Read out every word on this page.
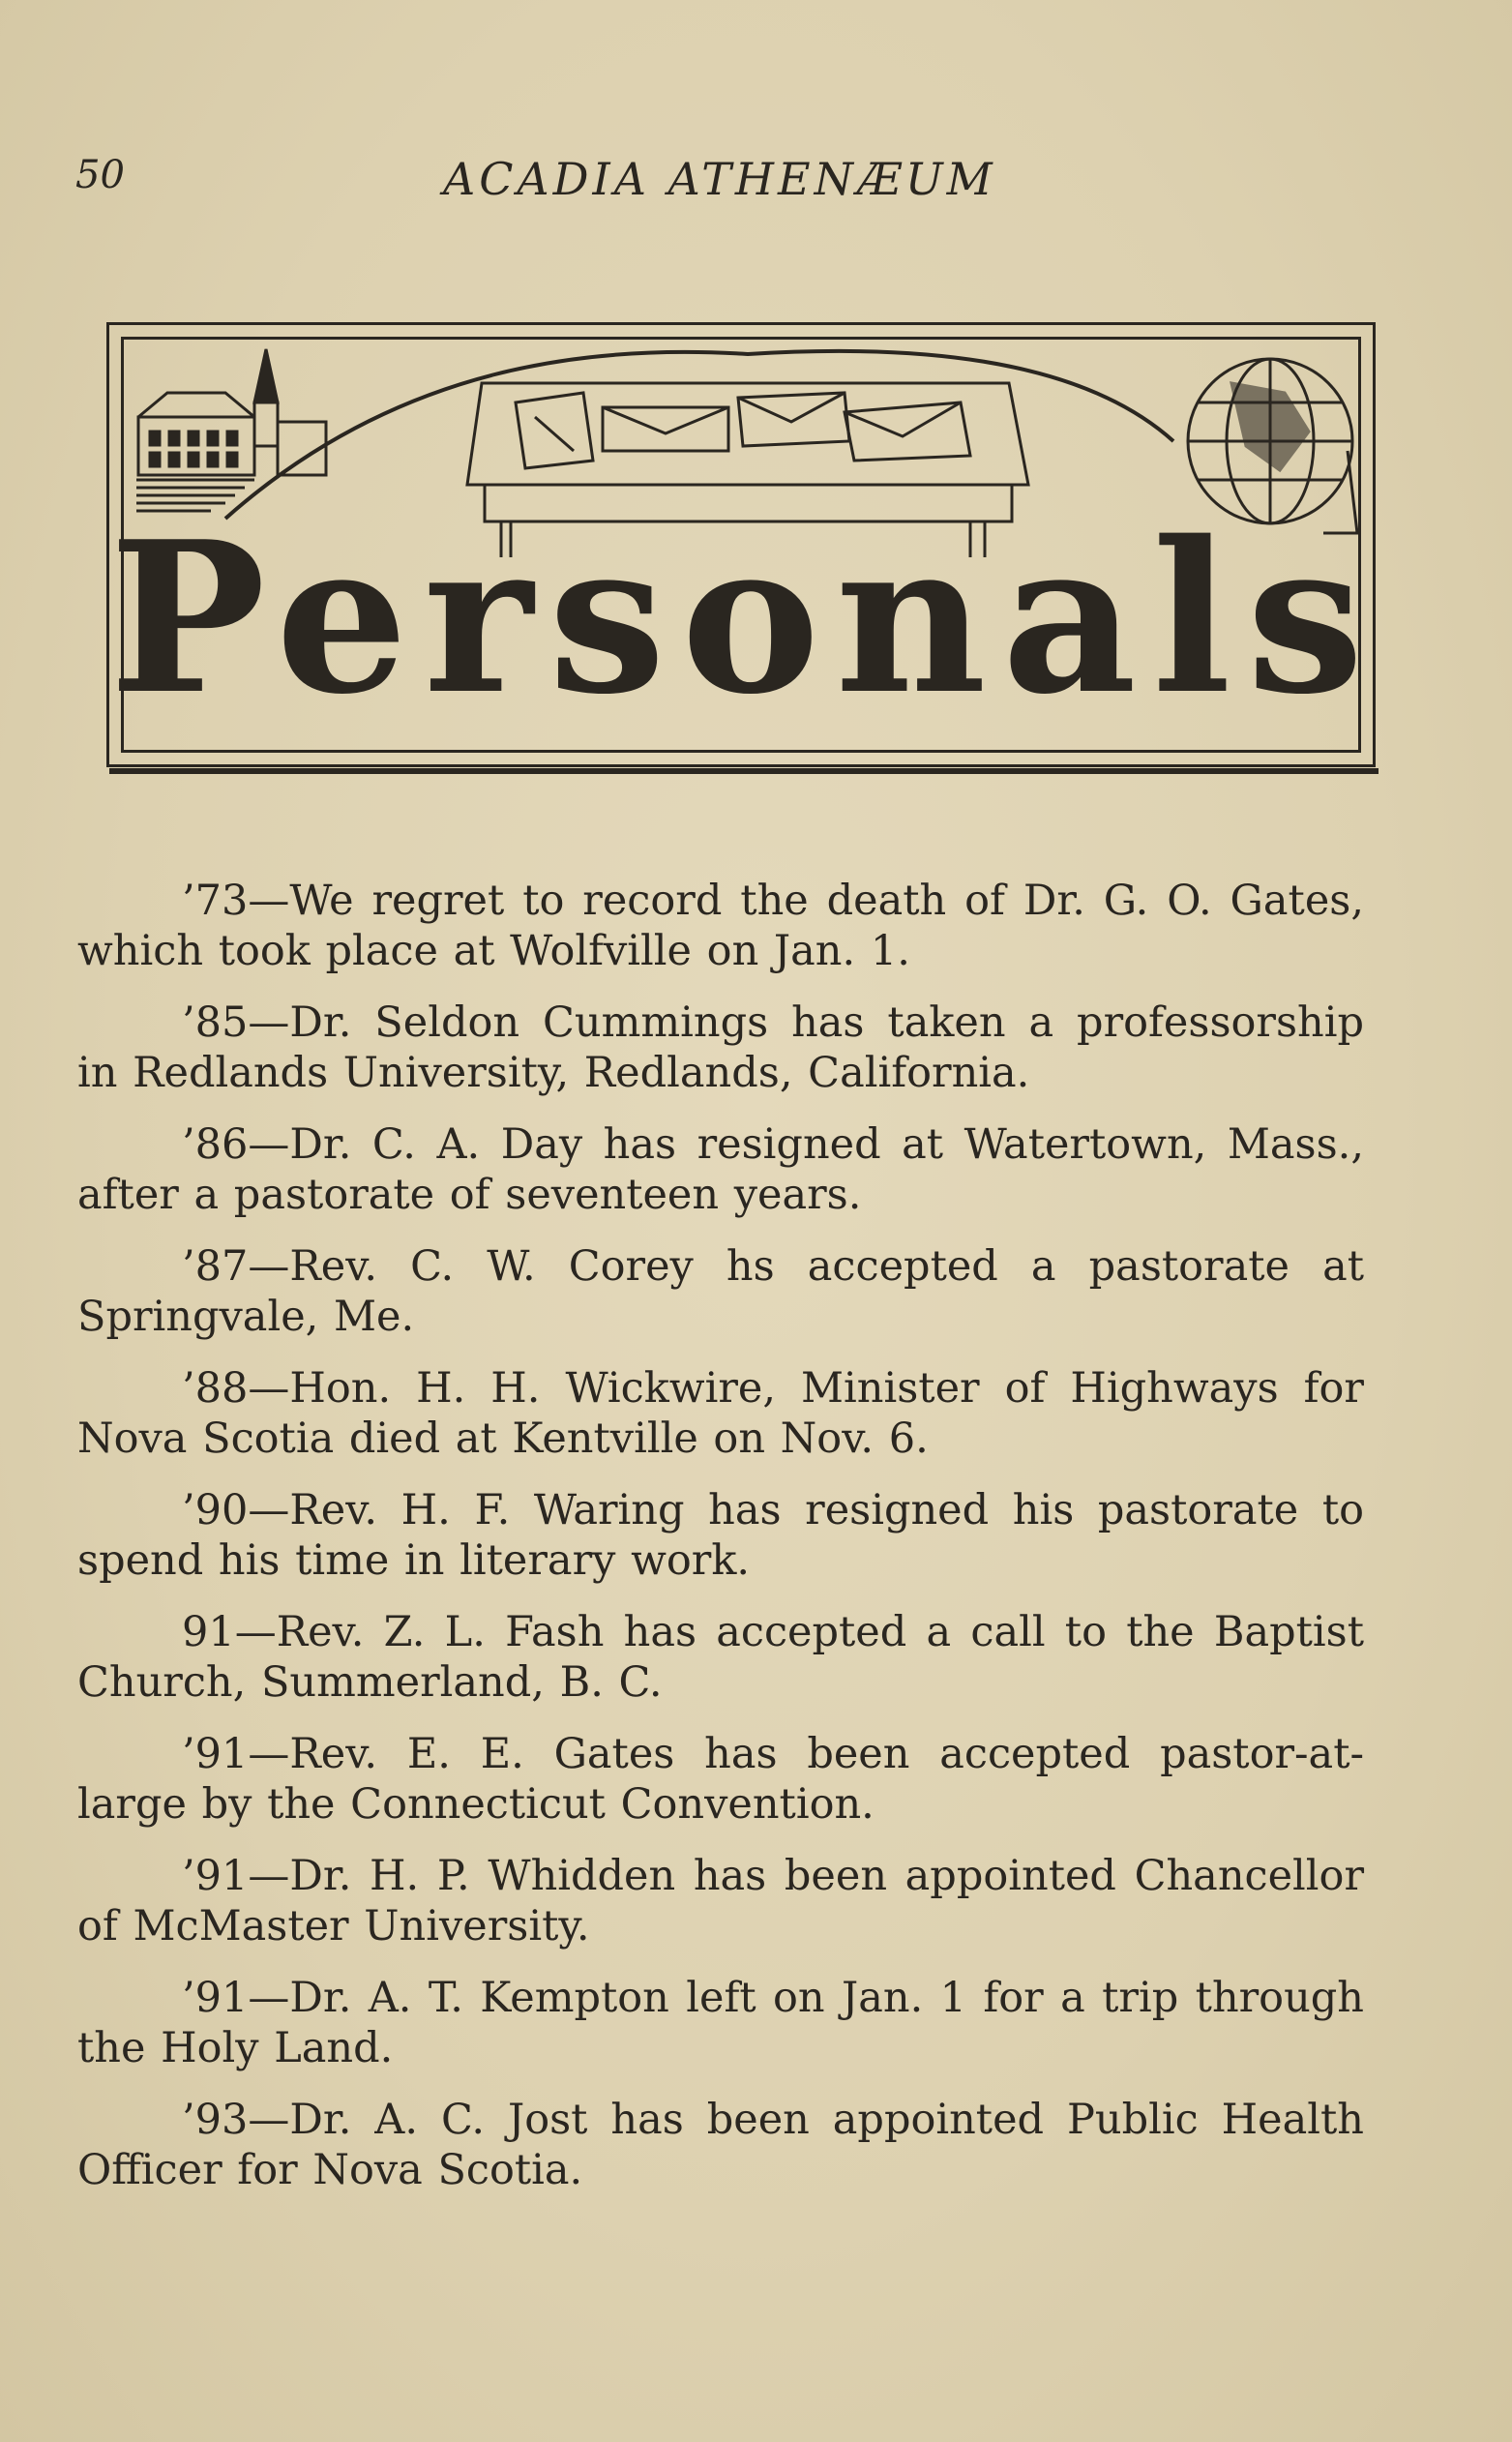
50	ACADIA ATHENÆUM
Personals

’73—We regret to record the death of Dr. G. O. Gates, which took place at Wolfville on Jan. 1.

’85—Dr. Seldon Cummings has taken a professorship in Redlands University, Redlands, California.

’86—Dr. C. A. Day has resigned at Watertown, Mass., after a pastorate of seventeen years.

’87—Rev. C. W. Corey hs accepted a pastorate at Springvale, Me.

’88—Hon. H. H. Wickwire, Minister of Highways for Nova Scotia died at Kentville on Nov. 6.

’90—Rev. H. F. Waring has resigned his pastorate to spend his time in literary work.

91—Rev. Z. L. Fash has accepted a call to the Baptist Church, Summerland, B. C.

’91—Rev. E. E. Gates has been accepted pastor-at-large by the Connecticut Convention.

’91—Dr. H. P. Whidden has been appointed Chancellor of McMaster University.

’91—Dr. A. T. Kempton left on Jan. 1 for a trip through the Holy Land.

’93—Dr. A. C. Jost has been appointed Public Health Officer for Nova Scotia.
